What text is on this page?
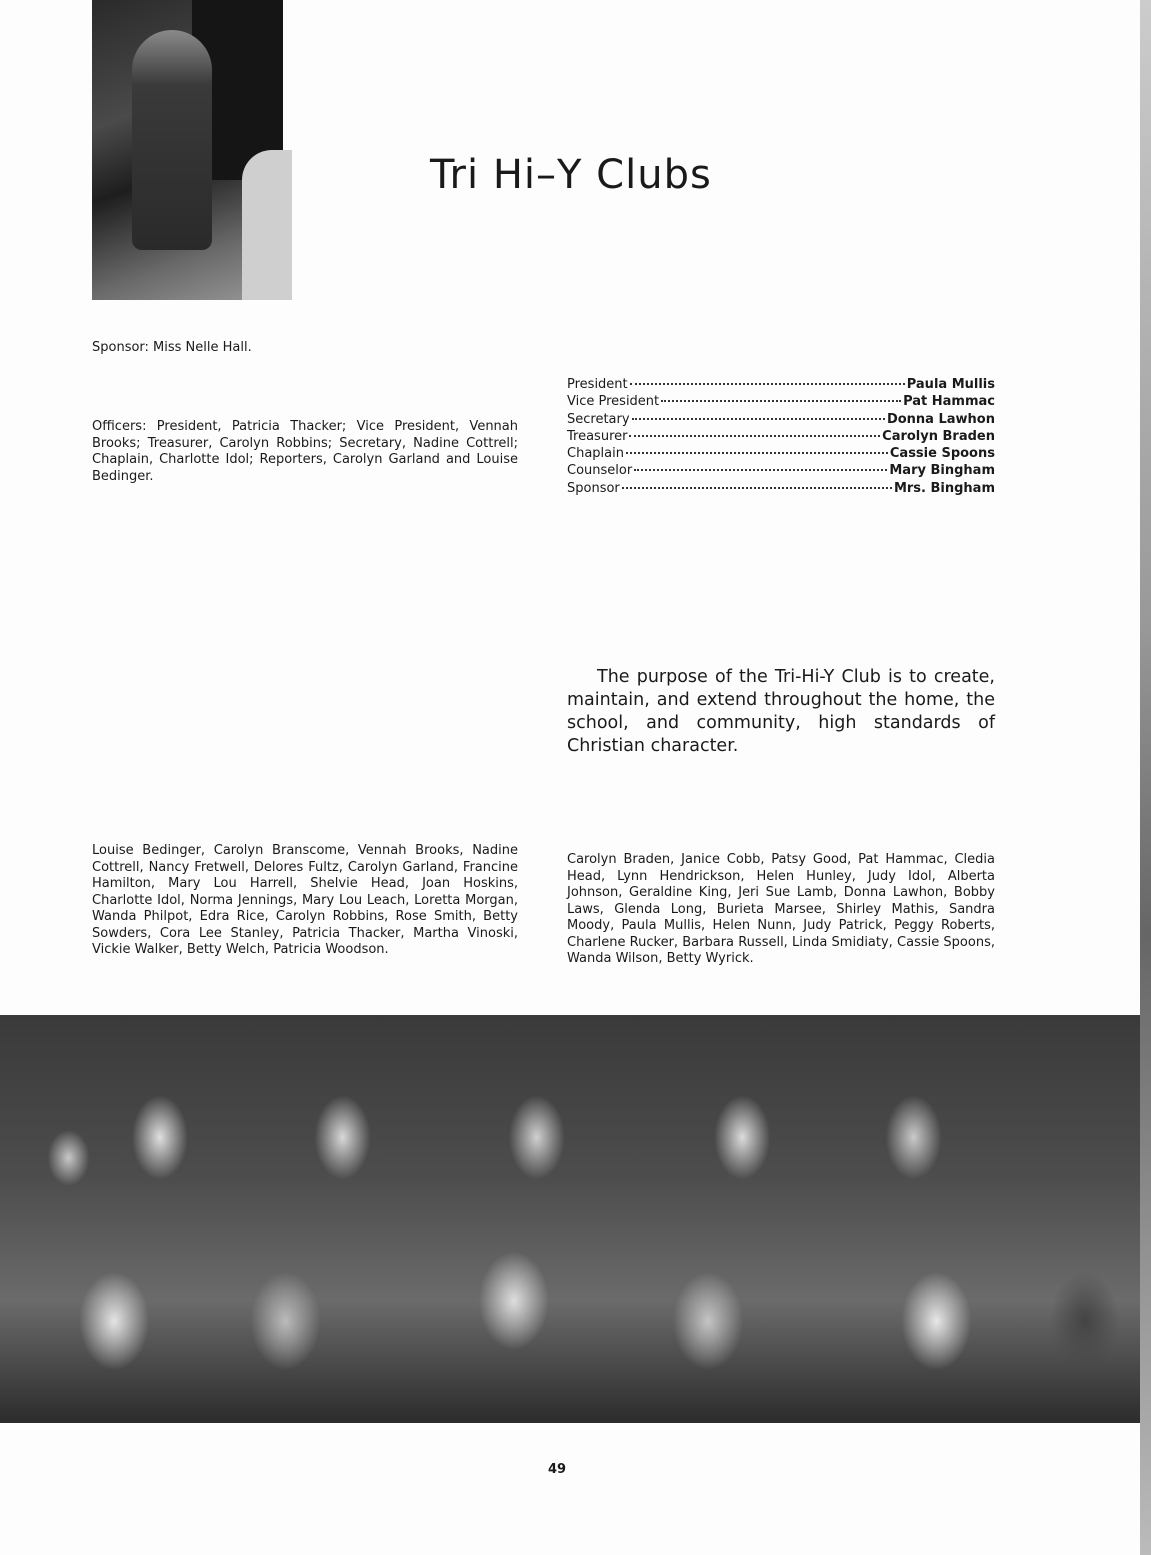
Tri Hi–Y Clubs
Sponsor: Miss Nelle Hall.
Officers: President, Patricia Thacker; Vice President, Vennah Brooks; Treasurer, Carolyn Robbins; Secretary, Nadine Cottrell; Chaplain, Charlotte Idol; Reporters, Carolyn Garland and Louise Bedinger.
President	Paula Mullis
Vice President	Pat Hammac
Secretary	Donna Lawhon
Treasurer	Carolyn Braden
Chaplain	Cassie Spoons
Counselor	Mary Bingham
Sponsor	Mrs. Bingham
The purpose of the Tri-Hi-Y Club is to create, maintain, and extend throughout the home, the school, and community, high standards of Christian character.
Louise Bedinger, Carolyn Branscome, Vennah Brooks, Nadine Cottrell, Nancy Fretwell, Delores Fultz, Carolyn Garland, Francine Hamilton, Mary Lou Harrell, Shelvie Head, Joan Hoskins, Charlotte Idol, Norma Jennings, Mary Lou Leach, Loretta Morgan, Wanda Philpot, Edra Rice, Carolyn Robbins, Rose Smith, Betty Sowders, Cora Lee Stanley, Patricia Thacker, Martha Vinoski, Vickie Walker, Betty Welch, Patricia Woodson.
Carolyn Braden, Janice Cobb, Patsy Good, Pat Hammac, Cledia Head, Lynn Hendrickson, Helen Hunley, Judy Idol, Alberta Johnson, Geraldine King, Jeri Sue Lamb, Donna Lawhon, Bobby Laws, Glenda Long, Burieta Marsee, Shirley Mathis, Sandra Moody, Paula Mullis, Helen Nunn, Judy Patrick, Peggy Roberts, Charlene Rucker, Barbara Russell, Linda Smidiaty, Cassie Spoons, Wanda Wilson, Betty Wyrick.
49
